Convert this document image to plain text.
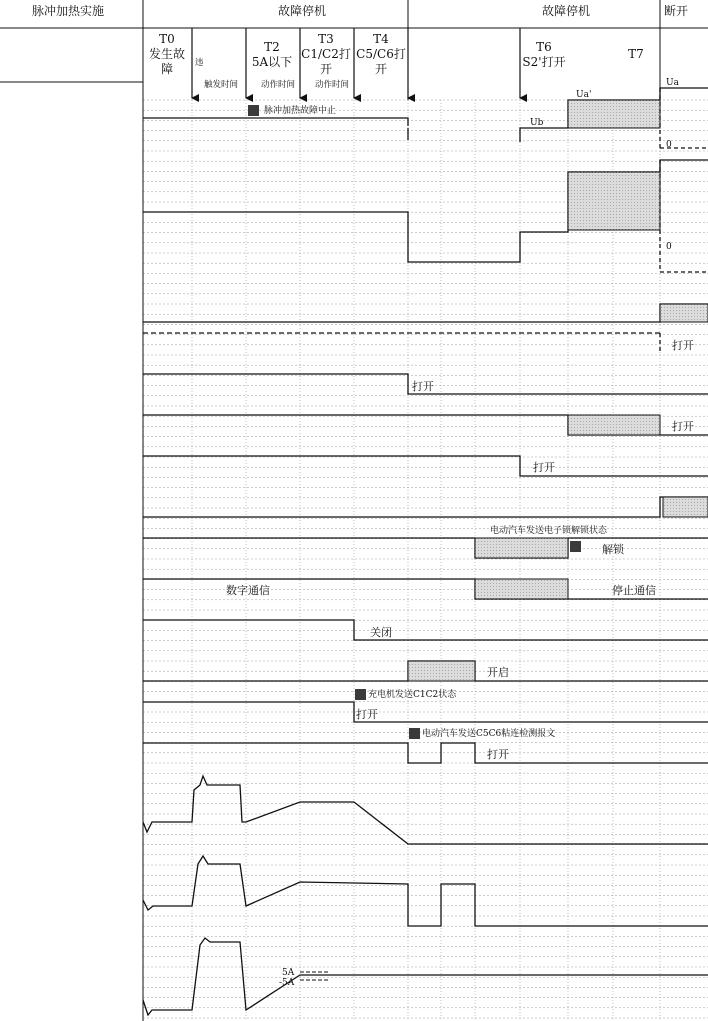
脉冲加热实施	故障停机	故障停机	断开
T0
发生故
障
T2
5A以下
T3
C1/C2打
开
T4
C5/C6打
开
T6
S2'打开
T7
违
触发时间	动作时间 动作时间
脉冲加热故障中止
Ua
Ua'
Ub
0
0
打开
打开
打开
打开
电动汽车发送电子锁解锁状态
解锁
数字通信	停止通信
关闭
开启
充电机发送C1C2状态
打开
电动汽车发送C5C6粘连检测报文
打开
5A
-5A
